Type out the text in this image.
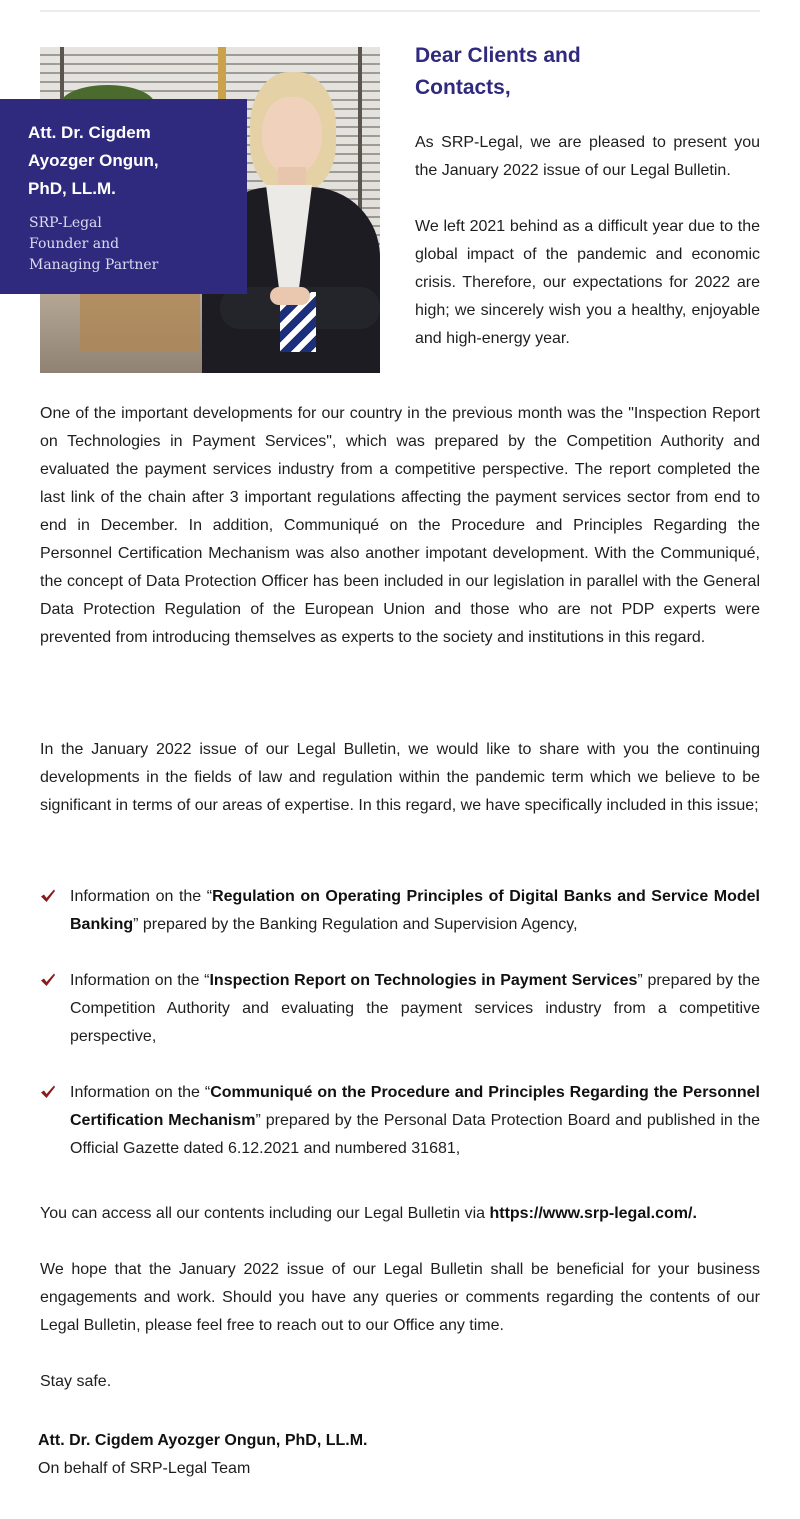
Att. Dr. Cigdem
Ayozger Ongun,
PhD, LL.M.
SRP-Legal
Founder and
Managing Partner
Dear Clients and
Contacts,

As SRP-Legal, we are pleased to present you the January 2022 issue of our Legal Bulletin.

We left 2021 behind as a difficult year due to the global impact of the pandemic and economic crisis. Therefore, our expectations for 2022 are high; we sincerely wish you a healthy, enjoyable and high-energy year.

One of the important developments for our country in the previous month was the "Inspection Report on Technologies in Payment Services", which was prepared by the Competition Authority and evaluated the payment services industry from a competitive perspective. The report completed the last link of the chain after 3 important regulations affecting the payment services sector from end to end in December. In addition, Communiqué on the Procedure and Principles Regarding the Personnel Certification Mechanism was also another impotant development. With the Communiqué, the concept of Data Protection Officer has been included in our legislation in parallel with the General Data Protection Regulation of the European Union and those who are not PDP experts were prevented from introducing themselves as experts to the society and institutions in this regard.

In the January 2022 issue of our Legal Bulletin, we would like to share with you the continuing developments in the fields of law and regulation within the pandemic term which we believe to be significant in terms of our areas of expertise. In this regard, we have specifically included in this issue;

Information on the “Regulation on Operating Principles of Digital Banks and Service Model Banking” prepared by the Banking Regulation and Supervision Agency,
Information on the “Inspection Report on Technologies in Payment Services” prepared by the Competition Authority and evaluating the payment services industry from a competitive perspective,
Information on the “Communiqué on the Procedure and Principles Regarding the Personnel Certification Mechanism” prepared by the Personal Data Protection Board and published in the Official Gazette dated 6.12.2021 and numbered 31681,

You can access all our contents including our Legal Bulletin via https://www.srp-legal.com/.

We hope that the January 2022 issue of our Legal Bulletin shall be beneficial for your business engagements and work. Should you have any queries or comments regarding the contents of our Legal Bulletin, please feel free to reach out to our Office any time.

Stay safe.

Att. Dr. Cigdem Ayozger Ongun, PhD, LL.M.
On behalf of SRP-Legal Team
